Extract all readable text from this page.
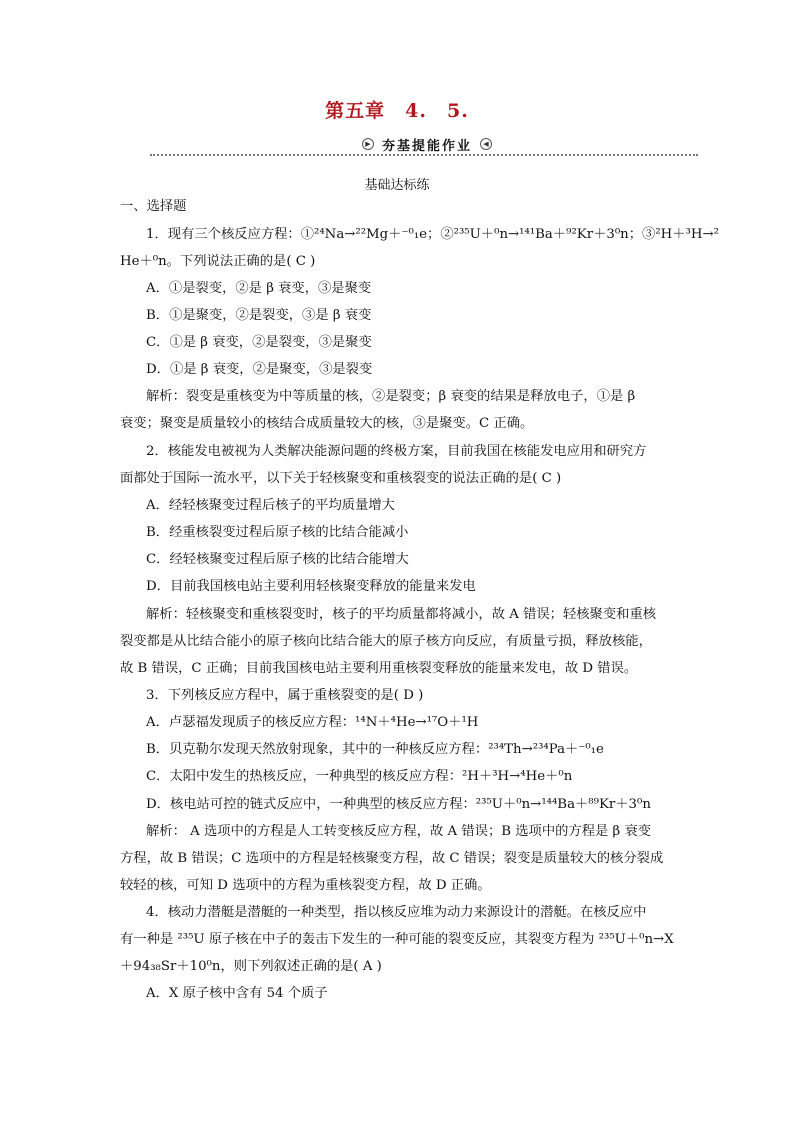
第五章　4.　5.
▶ 夯基提能作业	◀
基础达标练
一、选择题
1．现有三个核反应方程：①²⁴Na→²²Mg＋⁻⁰₁e；②²³⁵U＋⁰n→¹⁴¹Ba＋⁹²Kr＋3⁰n；③²H＋³H→²
He＋⁰n。下列说法正确的是( C )
A．①是裂变，②是 β 衰变，③是聚变
B．①是聚变，②是裂变，③是 β 衰变
C．①是 β 衰变，②是裂变，③是聚变
D．①是 β 衰变，②是聚变，③是裂变
解析：裂变是重核变为中等质量的核，②是裂变；β 衰变的结果是释放电子，①是 β
衰变；聚变是质量较小的核结合成质量较大的核，③是聚变。C 正确。
2．核能发电被视为人类解决能源问题的终极方案，目前我国在核能发电应用和研究方
面都处于国际一流水平，以下关于轻核聚变和重核裂变的说法正确的是( C )
A．经轻核聚变过程后核子的平均质量增大
B．经重核裂变过程后原子核的比结合能减小
C．经轻核聚变过程后原子核的比结合能增大
D．目前我国核电站主要利用轻核聚变释放的能量来发电
解析：轻核聚变和重核裂变时，核子的平均质量都将减小，故 A 错误；轻核聚变和重核
裂变都是从比结合能小的原子核向比结合能大的原子核方向反应，有质量亏损，释放核能，
故 B 错误，C 正确；目前我国核电站主要利用重核裂变释放的能量来发电，故 D 错误。
3．下列核反应方程中，属于重核裂变的是( D )
A．卢瑟福发现质子的核反应方程：¹⁴N＋⁴He→¹⁷O＋¹H
B．贝克勒尔发现天然放射现象，其中的一种核反应方程：²³⁴Th→²³⁴Pa＋⁻⁰₁e
C．太阳中发生的热核反应，一种典型的核反应方程：²H＋³H→⁴He＋⁰n
D．核电站可控的链式反应中，一种典型的核反应方程：²³⁵U＋⁰n→¹⁴⁴Ba＋⁸⁹Kr＋3⁰n
解析： A 选项中的方程是人工转变核反应方程，故 A 错误；B 选项中的方程是 β 衰变
方程，故 B 错误；C 选项中的方程是轻核聚变方程，故 C 错误；裂变是质量较大的核分裂成
较轻的核，可知 D 选项中的方程为重核裂变方程，故 D 正确。
4．核动力潜艇是潜艇的一种类型，指以核反应堆为动力来源设计的潜艇。在核反应中
有一种是 ²³⁵U 原子核在中子的轰击下发生的一种可能的裂变反应，其裂变方程为 ²³⁵U＋⁰n→X
＋94₃₈Sr＋10⁰n，则下列叙述正确的是( A )
A．X 原子核中含有 54 个质子
